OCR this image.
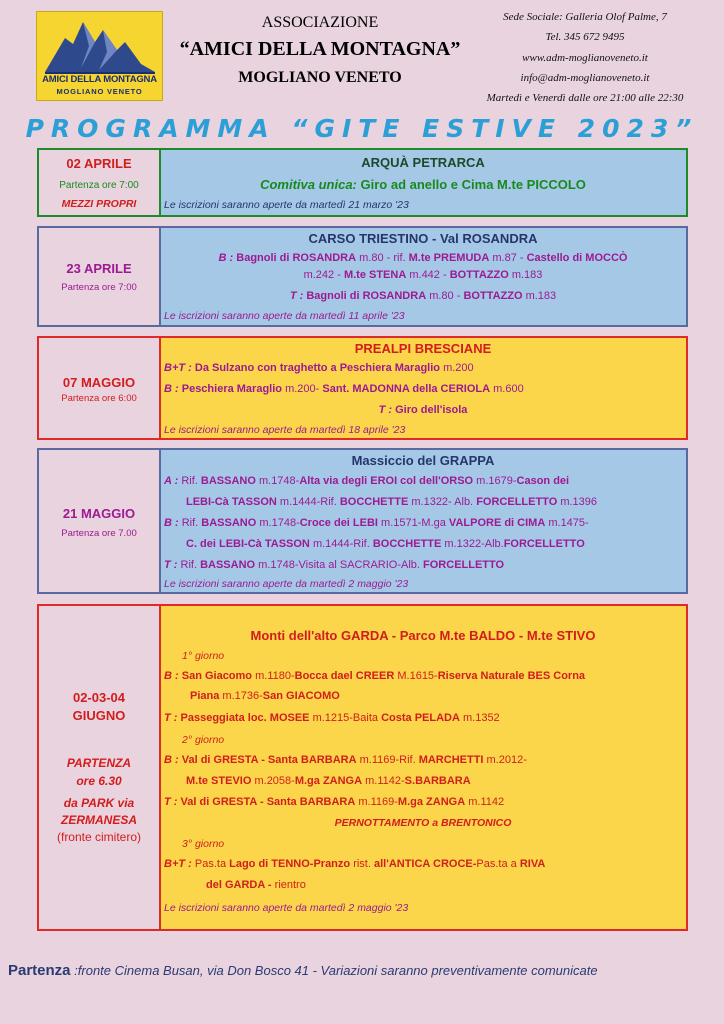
AMICI DELLA MONTAGNA
MOGLIANO VENETO
ASSOCIAZIONE
“AMICI DELLA MONTAGNA”
MOGLIANO VENETO
Sede Sociale: Galleria Olof Palme, 7
Tel. 345 672 9495
www.adm-moglianoveneto.it
info@adm-moglianoveneto.it
Martedì e Venerdì dalle ore 21:00 alle 22:30
PROGRAMMA “GITE ESTIVE 2023”
02 APRILE
Partenza ore 7:00
MEZZI PROPRI
ARQUÀ PETRARCA
Comitiva unica: Giro ad anello e Cima M.te PICCOLO
Le iscrizioni saranno aperte da martedì 21 marzo '23
23 APRILE
Partenza ore 7:00
CARSO TRIESTINO - Val ROSANDRA
B : Bagnoli di ROSANDRA m.80 - rif. M.te PREMUDA m.87 - Castello di MOCCÒ
m.242 - M.te STENA m.442 - BOTTAZZO m.183
T : Bagnoli di ROSANDRA m.80 - BOTTAZZO m.183
Le iscrizioni saranno aperte da martedì 11 aprile '23
07 MAGGIO
Partenza ore 6:00
PREALPI BRESCIANE
B+T : Da Sulzano con traghetto a Peschiera Maraglio m.200
B : Peschiera Maraglio m.200- Sant. MADONNA della CERIOLA m.600
T : Giro dell'isola
Le iscrizioni saranno aperte da martedì 18 aprile '23
21 MAGGIO
Partenza ore 7.00
Massiccio del GRAPPA
A : Rif. BASSANO m.1748-Alta via degli EROI col dell'ORSO m.1679-Cason dei
LEBI-Cà TASSON m.1444-Rif. BOCCHETTE m.1322- Alb. FORCELLETTO m.1396
B : Rif. BASSANO m.1748-Croce dei LEBI m.1571-M.ga VALPORE di CIMA m.1475-
C. dei LEBI-Cà TASSON m.1444-Rif. BOCCHETTE m.1322-Alb.FORCELLETTO
T : Rif. BASSANO m.1748-Visita al SACRARIO-Alb. FORCELLETTO
Le iscrizioni saranno aperte da martedì 2 maggio '23
02-03-04
GIUGNO
PARTENZA
ore 6.30
da PARK via
ZERMANESA
(fronte cimitero)
Monti dell'alto GARDA - Parco M.te BALDO - M.te STIVO
1° giorno
B : San Giacomo m.1180-Bocca dael CREER M.1615-Riserva Naturale BES Corna
Piana m.1736-San GIACOMO
T : Passeggiata loc. MOSEE m.1215-Baita Costa PELADA m.1352
2° giorno
B : Val di GRESTA - Santa BARBARA m.1169-Rif. MARCHETTI m.2012-
M.te STEVIO m.2058-M.ga ZANGA m.1142-S.BARBARA
T : Val di GRESTA - Santa BARBARA m.1169-M.ga ZANGA m.1142
PERNOTTAMENTO a BRENTONICO
3° giorno
B+T : Pas.ta Lago di TENNO-Pranzo rist. all'ANTICA CROCE-Pas.ta a RIVA
del GARDA - rientro
Le iscrizioni saranno aperte da martedì 2 maggio '23
Partenza :fronte Cinema Busan, via Don Bosco 41 - Variazioni saranno preventivamente comunicate
